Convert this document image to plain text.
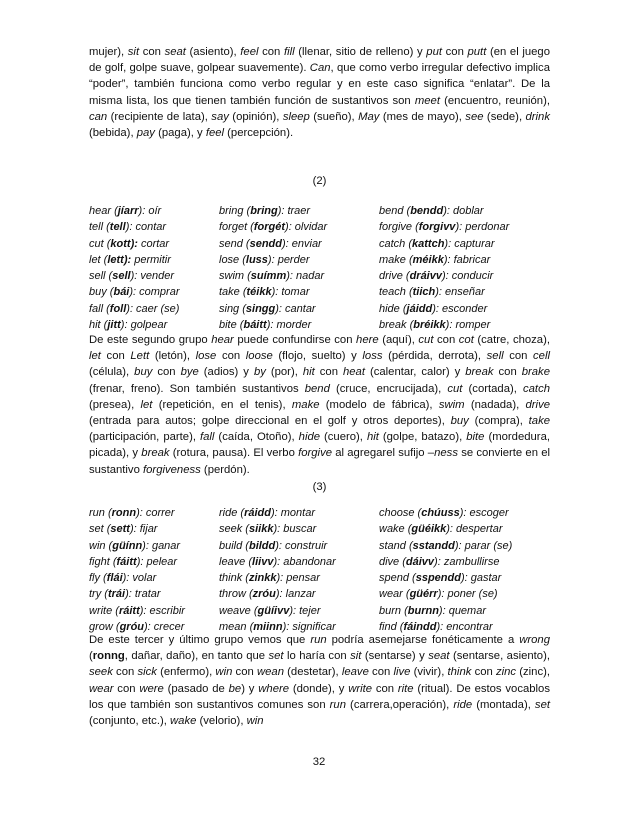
mujer), sit con seat (asiento), feel con fill (llenar, sitio de relleno) y put con putt (en el juego de golf, golpe suave, golpear suavemente). Can, que como verbo irregular defectivo implica “poder”, también funciona como verbo regular y en este caso significa “enlatar”. De la misma lista, los que tienen también función de sustantivos son meet (encuentro, reunión), can (recipiente de lata), say (opinión), sleep (sueño), May (mes de mayo), see (sede), drink (bebida), pay (paga), y feel (percepción).

(2)
hear (jíarr): oír	bring (bring): traer	bend (bendd): doblar
tell (tell): contar	forget (forgét): olvidar	forgive (forgivv): perdonar
cut (kott): cortar	send (sendd): enviar	catch (kattch): capturar
let (lett): permitir	lose (luss): perder	make (méikk): fabricar
sell (sell): vender	swim (suímm): nadar	drive (dráivv): conducir
buy (bái): comprar	take (téikk): tomar	teach (tiich): enseñar
fall (foll): caer (se)	sing (singg): cantar	hide (jáidd): esconder
hit (jitt): golpear	bite (báitt): morder	break (bréikk): romper

De este segundo grupo hear puede confundirse con here (aquí), cut con cot (catre, choza), let con Lett (letón), lose con loose (flojo, suelto) y loss (pérdida, derrota), sell con cell (célula), buy con bye (adios) y by (por), hit con heat (calentar, calor) y break con brake (frenar, freno). Son también sustantivos bend (cruce, encrucijada), cut (cortada), catch (presea), let (repetición, en el tenis), make (modelo de fábrica), swim (nadada), drive (entrada para autos; golpe direccional en el golf y otros deportes), buy (compra), take (participación, parte), fall (caída, Otoño), hide (cuero), hit (golpe, batazo), bite (mordedura, picada), y break (rotura, pausa). El verbo forgive al agregarel sufijo –ness se convierte en el sustantivo forgiveness (perdón).

(3)
run (ronn): correr	ride (ráidd): montar	choose (chúuss): escoger
set (sett): fijar	seek (siikk): buscar	wake (güéikk): despertar
win (güínn): ganar	build (bildd): construir	stand (sstandd): parar (se)
fight (fáitt): pelear	leave (liivv): abandonar	dive (dáivv): zambullirse
fly (flái): volar	think (zinkk): pensar	spend (sspendd): gastar
try (trái): tratar	throw (zróu): lanzar	wear (güérr): poner (se)
write (ráitt): escribir	weave (güíivv): tejer	burn (burnn): quemar
grow (gróu): crecer	mean (miinn): significar	find (fáindd): encontrar

De este tercer y último grupo vemos que run podría asemejarse fonéticamente a wrong (ronng, dañar, daño), en tanto que set lo haría con sit (sentarse) y seat (sentarse, asiento), seek con sick (enfermo), win con wean (destetar), leave con live (vivir), think con zinc (zinc), wear con were (pasado de be) y where (donde), y write con rite (ritual). De estos vocablos los que también son sustantivos comunes son run (carrera,operación), ride (montada), set (conjunto, etc.), wake (velorio), win

32
